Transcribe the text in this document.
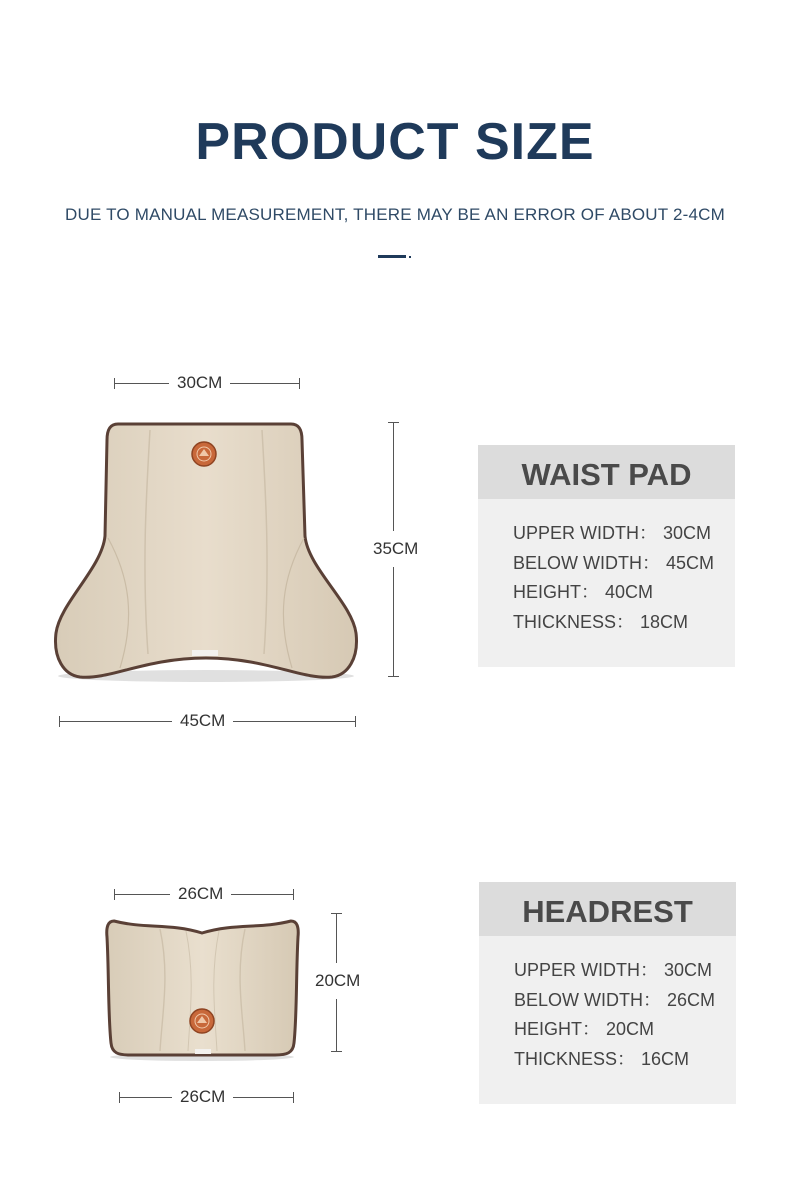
PRODUCT SIZE
DUE TO MANUAL MEASUREMENT, THERE MAY BE AN ERROR OF ABOUT 2-4CM
30CM
35CM
45CM
WAIST PAD
UPPER WIDTH： 30CM
BELOW WIDTH： 45CM
HEIGHT： 40CM
THICKNESS： 18CM
26CM
20CM
26CM
HEADREST
UPPER WIDTH： 30CM
BELOW WIDTH： 26CM
HEIGHT： 20CM
THICKNESS： 16CM
